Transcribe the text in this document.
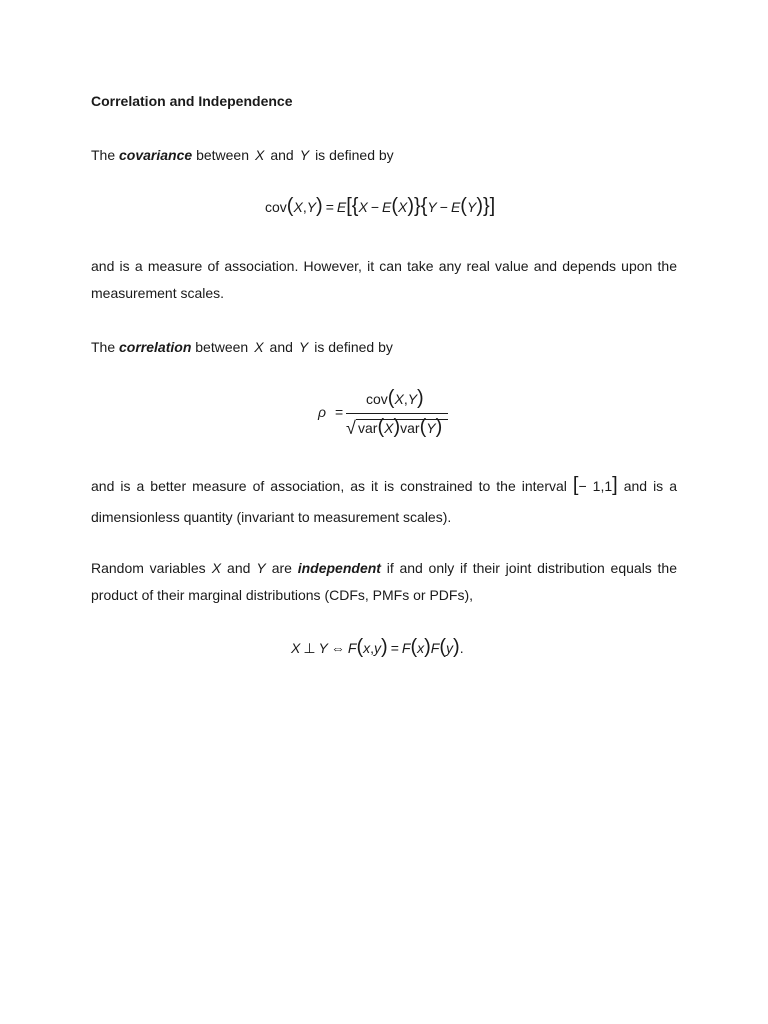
Correlation and Independence
The covariance between X and Y is defined by
cov(X,Y) = E[{X − E(X)}{Y − E(Y)}]
and is a measure of association. However, it can take any real value and depends upon the measurement scales.
The correlation between X and Y is defined by
ρ =
cov(X,Y)
√ var(X)var(Y)
and is a better measure of association, as it is constrained to the interval [− 1,1] and is a dimensionless quantity (invariant to measurement scales).
Random variables X and Y are independent if and only if their joint distribution equals the product of their marginal distributions (CDFs, PMFs or PDFs),
X ⊥ Y ⇔ F(x,y) = F(x)F(y).
